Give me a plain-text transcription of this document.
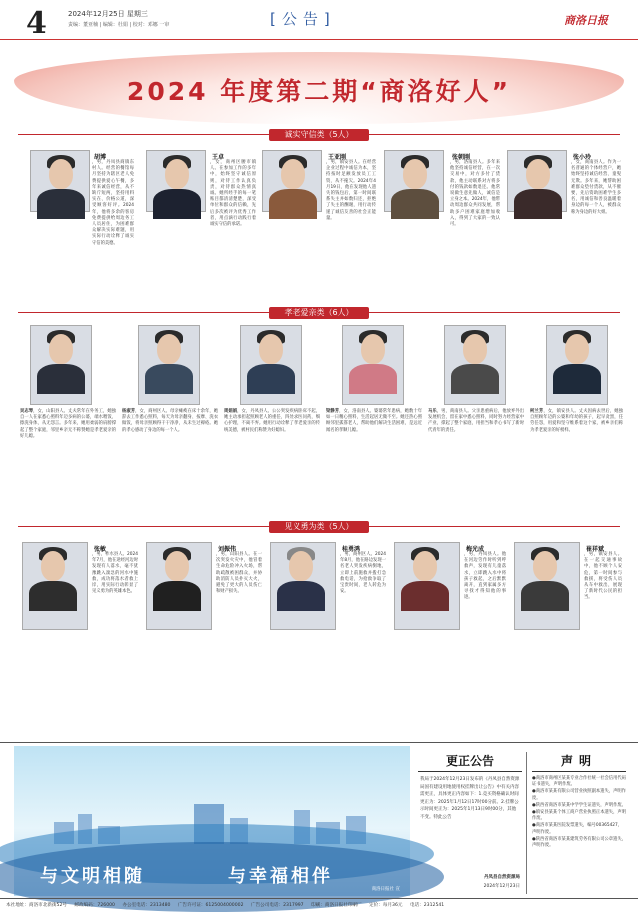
4	2024年12月25日 星期三
责编：董亚楠 | 编辑：杜娟 | 校对：邓娜 一审	[公告]	商洛日报
2024 年度第二期“商洛好人”
诚实守信类（5人）
孝老爱亲类（6人）
见义勇为类（5人）
胡博
，男，丹凤县商镇东村人。经营的餐馆每月坚持为辖区老人免费提供爱心午餐，多年来诚信经营，从不缺斤短两，坚持用料实在、价格公道，深受顾客好评。2024年，他将多余的客房免费提供给周边务工人员居住，为困难群众解决实际难题，用实际行动诠释了诚实守信的美德。
王卓
，女，商州区腰市镇人。在参加工作的多年中，始终坚守诚信原则，对待工作认真负责，对待群众热情真诚。她所经手的每一笔账目都清清楚楚，深受单位和群众的信赖，先后多次被评为优秀工作者，用点滴行动践行着诚实守信的承诺。
王亚刚
，男，镇安县人。在经营企业过程中诚信为本，坚持按时足额发放员工工资，从不拖欠。2024年4月19日，他在发现他人遗失的钱包后，第一时间联系失主并如数归还，拒绝了失主的酬谢，用行动传递了诚信友善的社会正能量。
张朝刚
，男，洛南县人。多年来他坚持诚信经营，在一次交易中，对方多付了货款，他主动联系对方将多付的钱款如数退还。他常说做生意先做人，诚信是立身之本。2024年，他带动周边群众共同发展，帮助多户困难家庭增加收入，得到了大家的一致认可。
张小玲
，女，商南县人。作为一名普通的个体经营户，她始终坚持诚信经营、童叟无欺。多年来，她帮助困难群众垫付货款，从不催要，先后资助困难学生多名，用诚信和善良温暖着身边的每一个人，被群众称为身边的好大姐。
吴志琴，女，山阳县人。丈夫常年在外务工，她独自一人在家悉心照料年迈多病的公婆，端水喂饭、擦洗身体，从无怨言。多年来，她用柔弱的肩膀撑起了整个家庭，邻里乡亲无不称赞她是孝老爱亲的好儿媳。
杨淑芳，女，商州区人。母亲瘫痪在床十余年，她辞去工作悉心照料，每天为母亲翻身、按摩、洗衣做饭，将母亲照顾得干干净净，从未生过褥疮。她的孝心感动了身边的每一个人。
周娟娟，女，丹凤县人。公公突发疾病卧床不起，她主动承担起照顾老人的重任，四处求医问药，细心护理，不离不弃。她用行动诠释了孝老爱亲的传统美德，被村民们称赞为好媳妇。
梁静芳，女，洛南县人。婆婆常年患病，她数十年如一日精心照料，生活起居无微不至。她还热心照顾邻里孤寡老人，帮助他们解决生活困难，是远近闻名的孝顺儿媳。
马乐，男，商南县人。父亲患重病后，他放弃外出发展机会，留在家中悉心照料，同时努力经营家中产业，撑起了整个家庭，用担当和孝心书写了新时代青年的责任。
柯兰芳，女，镇安县人。丈夫因病去世后，她独自照顾年迈的公婆和年幼的孩子，起早贪黑，任劳任怨，用爱和坚守维系着这个家，被乡亲们称为孝老爱亲的好榜样。
张敏
，男，柞水县人。2024年7月，他在途经河边时发现有人落水，毫不犹豫跳入湍急的河水中施救，成功将落水者救上岸，用实际行动彰显了见义勇为的英雄本色。
刘振伟
，男，山阳县人。在一次突发火灾中，他冒着生命危险冲入火场，帮助疏散被困群众，并协助消防人员扑灭大火，避免了更大的人员伤亡和财产损失。
桂勇鸿
，男，商州区人。2024年8月，他在路边发现一名老人突发疾病倒地，立即上前施救并拨打急救电话，为抢救争取了宝贵时间，老人转危为安。
梅光成
，男，丹凤县人。他在河边劳作时听到呼救声，发现有儿童落水，立即跳入水中将孩子救起，之后默默离开，直到家属多方寻找才得知他的事迹。
崔祥斌
，男，镇安县人。在一起交通事故中，他不顾个人安危，第一时间参与救援，将受伤人员从车中救出，展现了新时代公民的担当。
与文明相随	与幸福相伴
商洛日报社 宣
更正公告
我局于2024年12月23日发布的《丹凤县自然资源局国有建设用地使用权挂牌出让公告》中有关内容需更正，具体更正内容如下：1.竞买资格确认时间更正为：2025年1月12日17时00分前。2.挂牌公示时间更正为：2025年1月13日9时00分，其他不变。特此公告
丹凤县自然资源局
2024年12月23日
声明
●商洛市商州区某某专业合作社统一社会信用代码证书遗失，声明作废。
●商洛市某某有限公司营业执照副本遗失，声明作废。
●陕西省商洛市某某中学学生证遗失，声明作废。
●镇安县某某个体工商户营业执照正本遗失，声明作废。
●商洛市某某医院发票遗失，编号00365427，声明作废。
●陕西省商洛市某某建筑劳务有限公司公章遗失，声明作废。
本社地址：商洛市北新街52号 邮政编码：726000 办公室电话：2313480 广告许可证：6125004000002 广告公司电话：2317997 印刷：商洛日报社印刷厂 定价：每月36元 电话：2312541
